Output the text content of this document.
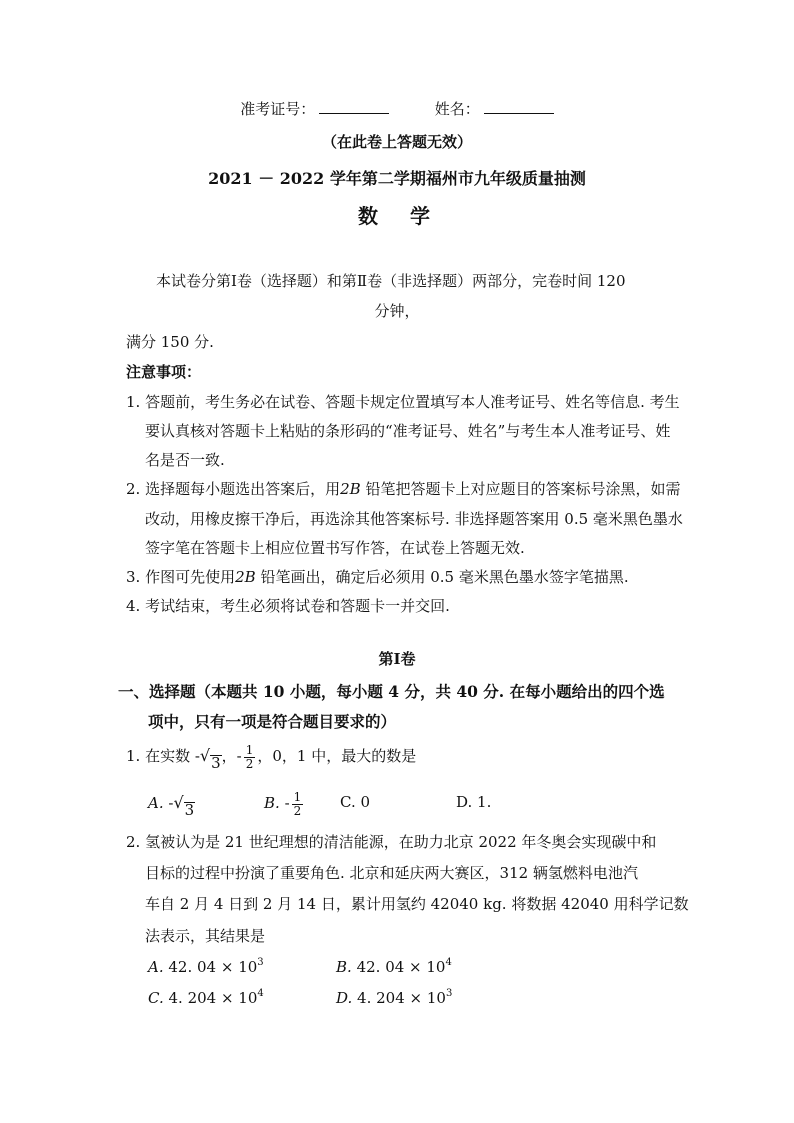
准考证号：	姓名：
（在此卷上答题无效）
2021 － 2022 学年第二学期福州市九年级质量抽测
数　学
本试卷分第Ⅰ卷（选择题）和第Ⅱ卷（非选择题）两部分，完卷时间 120
分钟，
满分 150 分.
注意事项：
1. 答题前，考生务必在试卷、答题卡规定位置填写本人准考证号、姓名等信息. 考生
要认真核对答题卡上粘贴的条形码的“准考证号、姓名”与考生本人准考证号、姓
名是否一致.
2. 选择题每小题选出答案后，用2B 铅笔把答题卡上对应题目的答案标号涂黑，如需
改动，用橡皮擦干净后，再选涂其他答案标号. 非选择题答案用 0.5 毫米黑色墨水
签字笔在答题卡上相应位置书写作答，在试卷上答题无效.
3. 作图可先使用2B 铅笔画出，确定后必须用 0.5 毫米黑色墨水签字笔描黑.
4. 考试结束，考生必须将试卷和答题卡一并交回.
第Ⅰ卷
一、选择题（本题共 10 小题，每小题 4 分，共 40 分. 在每小题给出的四个选
项中，只有一项是符合题目要求的）
1. 在实数 - √ 3 ，- $\frac{1}{2}$ ，0，1 中，最大的数是
A. - √ 3	B. - $\frac{1}{2} C$. 0	D. 1.
2. 氢被认为是 21 世纪理想的清洁能源，在助力北京 2022 年冬奥会实现碳中和
目标的过程中扮演了重要角色. 北京和延庆两大赛区，312 辆氢燃料电池汽
车自 2 月 4 日到 2 月 14 日，累计用氢约 42040 kg. 将数据 42040 用科学记数
法表示，其结果是
A. 42. $04 \times 10^3$	B. 42. $04 \times 10^4$
C. 4. $204 \times 10^4$	D. 4. $204 \times 10^3$
